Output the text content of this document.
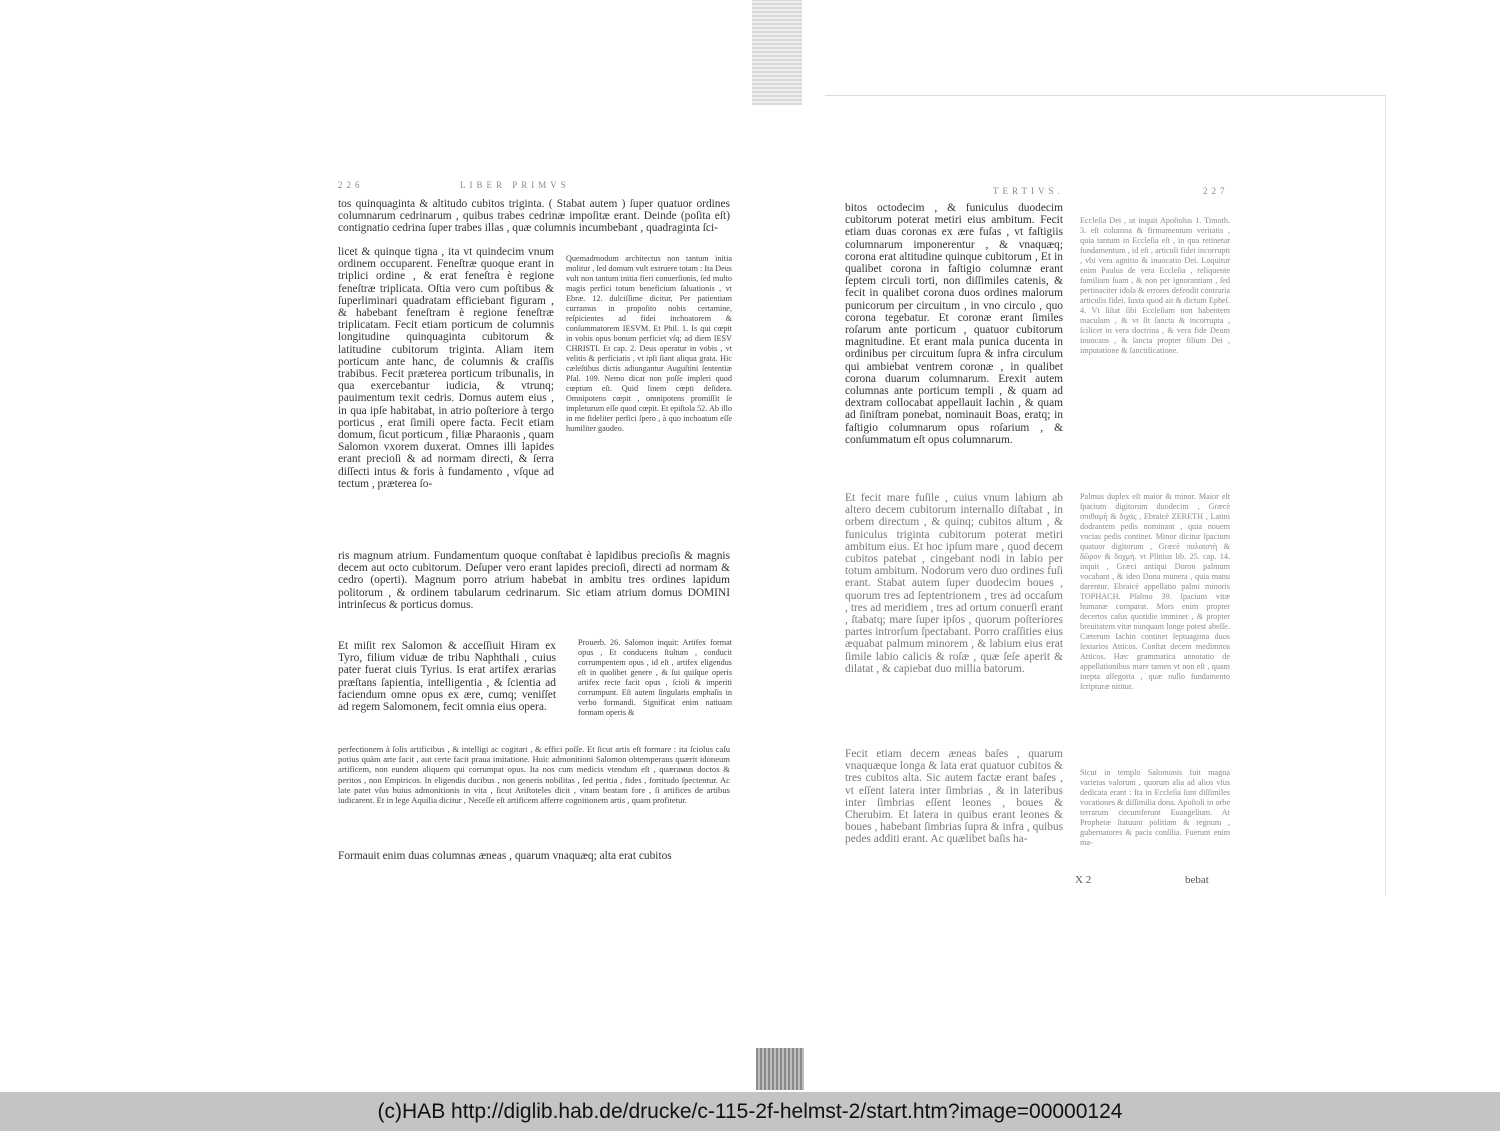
226	LIBER PRIMVS
tos quinquaginta & altitudo cubitos triginta. ( Stabat autem ) ſuper quatuor ordines columnarum cedrinarum , quibus trabes cedrinæ impoſitæ erant. Deinde (poſita eſt) contignatio cedrina ſuper trabes illas , quæ columnis incumbebant , quadraginta ſci-
licet & quinque tigna , ita vt quindecim vnum ordinem occuparent. Feneſtræ quoque erant in triplici ordine , & erat feneſtra è regione feneſtræ triplicata. Oſtia vero cum poſtibus & ſuperliminari quadratam efficiebant figuram , & habebant feneſtram è regione feneſtræ triplicatam. Fecit etiam porticum de columnis longitudine quinquaginta cubitorum & latitudine cubitorum triginta. Aliam item porticum ante hanc, de columnis & craſſis trabibus. Fecit præterea porticum tribunalis, in qua exercebantur iudicia, & vtrunq; pauimentum texit cedris. Domus autem eius , in qua ipſe habitabat, in atrio poſteriore à tergo porticus , erat ſimili opere facta. Fecit etiam domum, ſicut porticum , filiæ Pharaonis , quam Salomon vxorem duxerat. Omnes illi lapides erant precioſi & ad normam directi, & ſerra diſſecti intus & foris à fundamento , vſque ad tectum , præterea ſo-
Quemadmodum architectus non tantum initia molitur , ſed domum vult extruere totam : Ita Deus vult non tantum initia fieri conuerſionis, ſed multo magis perfici totum beneficium ſaluationis , vt Ebræ. 12. dulciſſime dicitur, Per patientiam curramus in propoſito nobis certamine, reſpicientes ad fidei inchoatorem & conſummatorem IESVM. Et Phil. 1. Is qui cœpit in vobis opus bonum perficiet vſq; ad diem IESV CHRISTI. Et cap. 2. Deus operatur in vobis , vt velitis & perficiatis , vt ipſi ſiant aliqua grata. Hic cæleſtibus dictis adiungantur Auguſtini ſententiæ Pſal. 109. Nemo dicat non poſſe impleri quod cœptum eſt. Quid linem cœpti deſidera. Omnipotens cœpit , omnipotens promiſſit ſe impleturum eſſe quod cœpit. Et epiſtola 52. Ab illo in me fideliter perfici ſpero , à quo inchoatum eſſe humiliter gaudeo.
ris magnum atrium. Fundamentum quoque conſtabat è lapidibus precioſis & magnis decem aut octo cubitorum. Deſuper vero erant lapides precioſi, directi ad normam & cedro (operti). Magnum porro atrium habebat in ambitu tres ordines lapidum politorum , & ordinem tabularum cedrinarum. Sic etiam atrium domus DOMINI intrinſecus & porticus domus.
Et miſit rex Salomon & acceſſiuit Hiram ex Tyro, filium viduæ de tribu Naphthali , cuius pater fuerat ciuis Tyrius. Is erat artifex ærarias præſtans ſapientia, intelligentia , & ſcientia ad faciendum omne opus ex ære, cumq; veniſſet ad regem Salomonem, fecit omnia eius opera.
Prouerb. 26. Salomon inquit: Artifex format opus , Et conducens ſtultum , conducit corrumpentem opus , id eſt , artifex eligendus eſt in quolibet genere , & ſui quiſque operis artifex recte facit opus , ſcioli & imperiti corrumpunt. Eſt autem ſingularis emphaſis in verbo formandi. Significat enim natiuam formam operis &
perfectionem à ſolis artificibus , & intelligi ac cogitari , & effici poſſe. Et ſicut artis eſt formare : ita ſciolus caſu potius quàm arte facit , aut certe facit praua imitatione. Huic admonitioni Salomon obtemperans quærit idoneum artificem, non eundem aliquem qui corrumpat opus. Ita nos cum medicis vtendum eſt , quærамus doctos & peritos , non Empiricos. In eligendis ducibus , non generis nobilitas , ſed peritia , fides , fortitudo ſpectentur. Ac late patet vſus huius admonitionis in vita , ſicut Ariſtoteles dicit , vitam beatam fore , ſi artifices de artibus iudicarent. Et in lege Aquilia dicitur , Neceſſe eſt artificem afferre cognitionem artis , quam profitetur.
Formauit enim duas columnas æneas , quarum vnaquæq; alta erat cubitos
TERTIVS.	227
bitos octodecim , & funiculus duodecim cubitorum poterat metiri eius ambitum. Fecit etiam duas coronas ex ære fuſas , vt faſtigiis columnarum imponerentur , & vnaquæq; corona erat altitudine quinque cubitorum , Et in qualibet corona in faſtigio columnæ erant ſeptem circuli torti, non diſſimiles catenis, & fecit in qualibet corona duos ordines malorum punicorum per circuitum , in vno circulo , quo corona tegebatur. Et coronæ erant ſimiles roſarum ante porticum , quatuor cubitorum magnitudine. Et erant mala punica ducenta in ordinibus per circuitum ſupra & infra circulum qui ambiebat ventrem coronæ , in qualibet corona duarum columnarum. Erexit autem columnas ante porticum templi , & quam ad dextram collocabat appellauit Iachin , & quam ad ſiniſtram ponebat, nominauit Boas, eratq; in faſtigio columnarum opus roſarium , & conſummatum eſt opus columnarum.
Eccleſia Dei , ut inquit Apoſtolus 1. Timoth. 3. eſt columna & firmamentum veritatis , quia tantum in Eccleſia eſt , in qua retinetur fundamentum , id eſt , articuli fidei incorrupti , vbi vera agnitio & inuocatio Dei. Loquitur enim Paulus de vera Eccleſia , reliquente familiam ſuam , & non per ignorantiam , ſed pertinaciter idola & errores defendit contraria articulis fidei. Iuxta quod ait & dictum Epheſ. 4. Vt ſiſtat ſibi Eccleſiam non habentem maculam , & vt ſit ſancta & incorrupta , ſcilicet in vera doctrina , & vera fide Deum inuocans , & ſancta propter filium Dei , imputatione & ſanctificatione.
Et fecit mare fuſile , cuius vnum labium ab altero decem cubitorum internallo diſtabat , in orbem directum , & quinq; cubitos altum , & funiculus triginta cubitorum poterat metiri ambitum eius. Et hoc ipſum mare , quod decem cubitos patebat , cingebant nodi in labio per totum ambitum. Nodorum vero duo ordines fuſi erant. Stabat autem ſuper duodecim boues , quorum tres ad ſeptentrionem , tres ad occaſum , tres ad meridiem , tres ad ortum conuerſi erant , ſtabatq; mare ſuper ipſos , quorum poſteriores partes introrſum ſpectabant. Porro craſſities eius æquabat palmum minorem , & labium eius erat ſimile labio calicis & roſæ , quæ ſeſe aperit & dilatat , & capiebat duo millia batorum.
Palmus duplex eſt maior & minor. Maior eſt ſpacium digitorum duodecim , Græcè σπιθαμή & διχάς , Ebraicè ZERETH , Latini dodrantem pedis nominant , quia nouem vncias pedis continet. Minor dicitur ſpacium quatuor digitorum , Græcè παλαιστὴ & δῶρον & δοχμή. vt Plinius lib. 25. cap. 14. inquit , Græci antiqui Doron palmum vocabant , & ideo Dona munera , quia manu darentur. Ebraicè appellatio palmi minoris TOPHACH. Pſalmo 39. ſpacium vitæ humanæ comparat. Mors enim propter decertos caſus quotidie imminet , & propter breuitatem vitæ nunquam longe potest abeſſe. Cæterum Iachin continet ſeptuaginta duos ſextarios Atticos. Conſtat decem medimnos Atticos. Hæc grammatica annotatio de appellationibus mare tamen vt non eſt , quam inepta allegoria , quæ nullo fundamento ſcripturæ nititur.
Fecit etiam decem æneas baſes , quarum vnaquæque longa & lata erat quatuor cubitos & tres cubitos alta. Sic autem factæ erant baſes , vt eſſent latera inter ſimbrias , & in lateribus inter ſimbrias eſſent leones , boues & Cherubim. Et latera in quibus erant leones & boues , habebant ſimbrias ſupra & infra , quibus pedes additi erant. Ac quælibet baſis ha-
Sicut in templo Salomonis fuit magna varietas vaſorum , quorum alia ad alios vſus dedicata erant : Ita in Eccleſia ſunt diſſimiles vocationes & diſſimilia dona. Apoſtoli in orbe terrarum circumferunt Euangelium. At Prophetæ ſtatuunt politiam & regnum , gubernatores & pacis conſilia. Fuerunt enim ma-
X 2	bebat
(c)HAB http://diglib.hab.de/drucke/c-115-2f-helmst-2/start.htm?image=00000124
